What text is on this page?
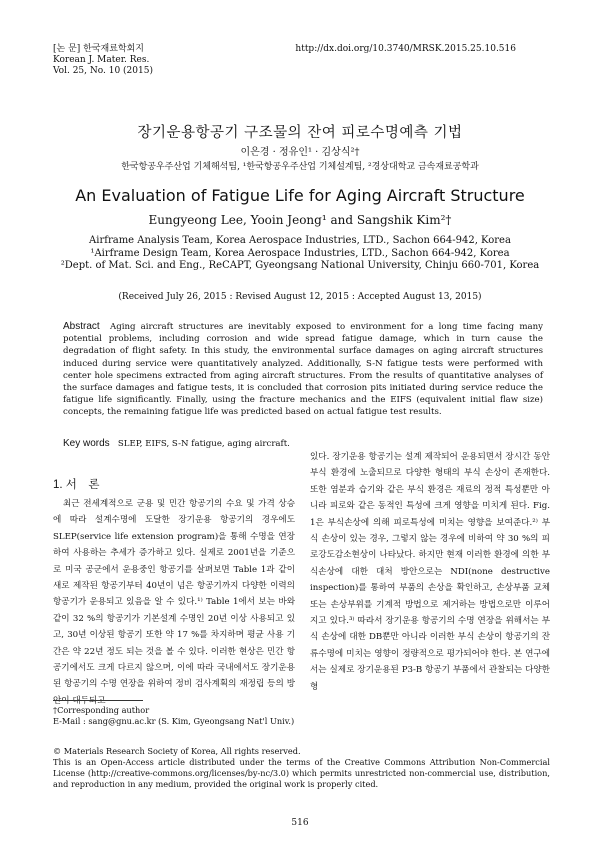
[논 문] 한국재료학회지
Korean J. Mater. Res.
Vol. 25, No. 10 (2015)
http://dx.doi.org/10.3740/MRSK.2015.25.10.516
장기운용항공기 구조물의 잔여 피로수명예측 기법
이은경 · 정유인¹ · 김상식²†
한국항공우주산업 기체해석팀, ¹한국항공우주산업 기체설계팀, ²경상대학교 금속재료공학과
An Evaluation of Fatigue Life for Aging Aircraft Structure
Eungyeong Lee, Yooin Jeong¹ and Sangshik Kim²†
Airframe Analysis Team, Korea Aerospace Industries, LTD., Sachon 664-942, Korea
¹Airframe Design Team, Korea Aerospace Industries, LTD., Sachon 664-942, Korea
²Dept. of Mat. Sci. and Eng., ReCAPT, Gyeongsang National University, Chinju 660-701, Korea
(Received July 26, 2015 : Revised August 12, 2015 : Accepted August 13, 2015)
Abstract Aging aircraft structures are inevitably exposed to environment for a long time facing many potential problems, including corrosion and wide spread fatigue damage, which in turn cause the degradation of flight safety. In this study, the environmental surface damages on aging aircraft structures induced during service were quantitatively analyzed. Additionally, S-N fatigue tests were performed with center hole specimens extracted from aging aircraft structures. From the results of quantitative analyses of the surface damages and fatigue tests, it is concluded that corrosion pits initiated during service reduce the fatigue life significantly. Finally, using the fracture mechanics and the EIFS (equivalent initial flaw size) concepts, the remaining fatigue life was predicted based on actual fatigue test results.
Key words SLEP, EIFS, S-N fatigue, aging aircraft.
1. 서　론

최근 전세계적으로 군용 및 민간 항공기의 수요 및 가격 상승에 따라 설계수명에 도달한 장기운용 항공기의 경우에도 SLEP(service life extension program)을 통해 수명을 연장하여 사용하는 추세가 증가하고 있다. 실제로 2001년을 기준으로 미국 공군에서 운용중인 항공기를 살펴보면 Table 1과 같이 새로 제작된 항공기부터 40년이 넘은 항공기까지 다양한 이력의 항공기가 운용되고 있음을 알 수 있다.¹⁾ Table 1에서 보는 바와 같이 32 %의 항공기가 기본설계 수명인 20년 이상 사용되고 있고, 30년 이상된 항공기 또한 약 17 %를 차지하며 평균 사용 기간은 약 22년 정도 되는 것을 볼 수 있다. 이러한 현상은 민간 항공기에서도 크게 다르지 않으며, 이에 따라 국내에서도 장기운용된 항공기의 수명 연장을 위하여 정비 검사계획의 재정립 등의 방안이 대두되고

있다. 장기운용 항공기는 설계 제작되어 운용되면서 장시간 동안 부식 환경에 노출되므로 다양한 형태의 부식 손상이 존재한다. 또한 염분과 습기와 같은 부식 환경은 재료의 정적 특성뿐만 아니라 피로와 같은 동적인 특성에 크게 영향을 미치게 된다. Fig. 1은 부식손상에 의해 피로특성에 미치는 영향을 보여준다.²⁾ 부식 손상이 있는 경우, 그렇지 않는 경우에 비하여 약 30 %의 피로강도감소현상이 나타났다. 하지만 현재 이러한 환경에 의한 부식손상에 대한 대처 방안으로는 NDI(none destructive inspection)를 통하여 부품의 손상을 확인하고, 손상부품 교체 또는 손상부위를 기계적 방법으로 제거하는 방법으로만 이루어지고 있다.³⁾ 따라서 장기운용 항공기의 수명 연장을 위해서는 부식 손상에 대한 DB뿐만 아니라 이러한 부식 손상이 항공기의 잔류수명에 미치는 영향이 정량적으로 평가되어야 한다. 본 연구에서는 실제로 장기운용된 P3-B 항공기 부품에서 관찰되는 다양한 형

†Corresponding author
E-Mail : sang@gnu.ac.kr (S. Kim, Gyeongsang Nat'l Univ.)
© Materials Research Society of Korea, All rights reserved.
This is an Open-Access article distributed under the terms of the Creative Commons Attribution Non-Commercial License (http://creative-commons.org/licenses/by-nc/3.0) which permits unrestricted non-commercial use, distribution, and reproduction in any medium, provided the original work is properly cited.
516
